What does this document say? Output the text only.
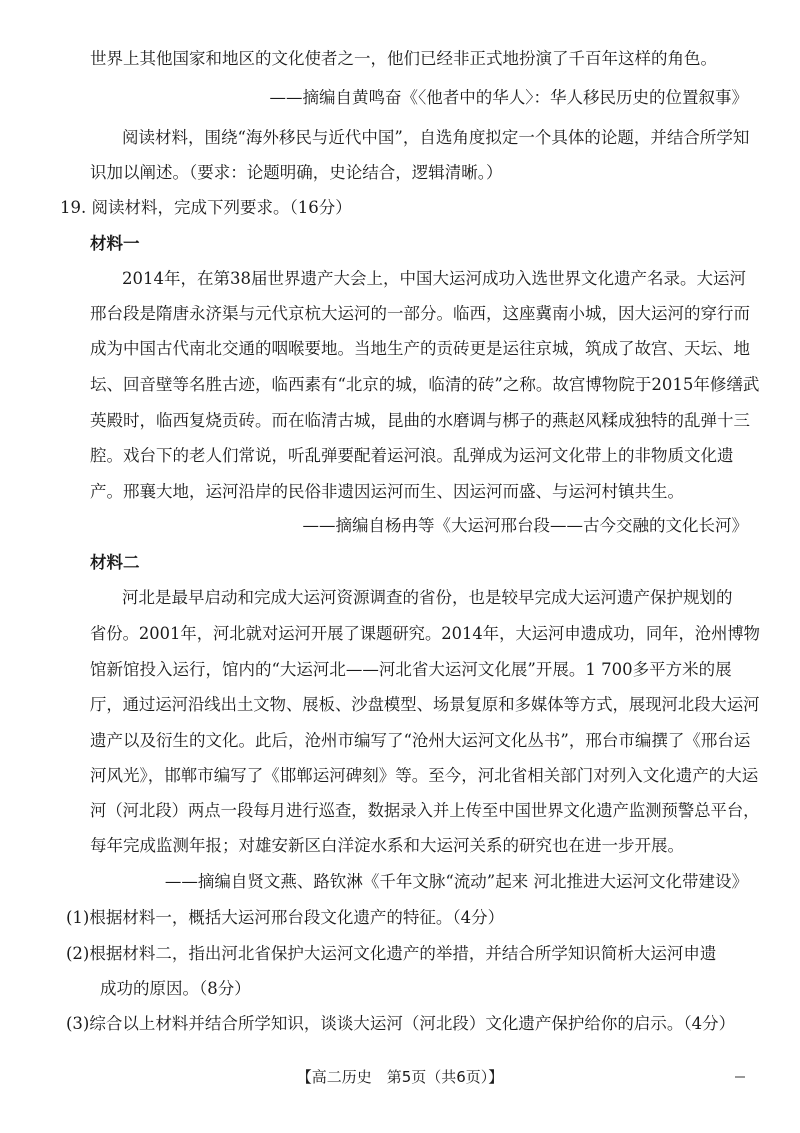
世界上其他国家和地区的文化使者之一，他们已经非正式地扮演了千百年这样的角色。
——摘编自黄鸣奋《〈他者中的华人〉：华人移民历史的位置叙事》
阅读材料，围绕“海外移民与近代中国”，自选角度拟定一个具体的论题，并结合所学知
识加以阐述。（要求：论题明确，史论结合，逻辑清晰。）
19. 阅读材料，完成下列要求。（16分）
材料一
2014年，在第38届世界遗产大会上，中国大运河成功入选世界文化遗产名录。大运河
邢台段是隋唐永济渠与元代京杭大运河的一部分。临西，这座冀南小城，因大运河的穿行而
成为中国古代南北交通的咽喉要地。当地生产的贡砖更是运往京城，筑成了故宫、天坛、地
坛、回音壁等名胜古迹，临西素有“北京的城，临清的砖”之称。故宫博物院于2015年修缮武
英殿时，临西复烧贡砖。而在临清古城，昆曲的水磨调与梆子的燕赵风糅成独特的乱弹十三
腔。戏台下的老人们常说，听乱弹要配着运河浪。乱弹成为运河文化带上的非物质文化遗
产。邢襄大地，运河沿岸的民俗非遗因运河而生、因运河而盛、与运河村镇共生。
——摘编自杨冉等《大运河邢台段——古今交融的文化长河》
材料二
河北是最早启动和完成大运河资源调查的省份，也是较早完成大运河遗产保护规划的
省份。2001年，河北就对运河开展了课题研究。2014年，大运河申遗成功，同年，沧州博物
馆新馆投入运行，馆内的“大运河北——河北省大运河文化展”开展。1 700多平方米的展
厅，通过运河沿线出土文物、展板、沙盘模型、场景复原和多媒体等方式，展现河北段大运河
遗产以及衍生的文化。此后，沧州市编写了“沧州大运河文化丛书”，邢台市编撰了《邢台运
河风光》，邯郸市编写了《邯郸运河碑刻》等。至今，河北省相关部门对列入文化遗产的大运
河（河北段）两点一段每月进行巡查，数据录入并上传至中国世界文化遗产监测预警总平台，
每年完成监测年报；对雄安新区白洋淀水系和大运河关系的研究也在进一步开展。
——摘编自贤文燕、路钦淋《千年文脉“流动”起来 河北推进大运河文化带建设》
(1)根据材料一，概括大运河邢台段文化遗产的特征。（4分）
(2)根据材料二，指出河北省保护大运河文化遗产的举措，并结合所学知识简析大运河申遗
成功的原因。（8分）
(3)综合以上材料并结合所学知识，谈谈大运河（河北段）文化遗产保护给你的启示。（4分）
【高二历史　第5页（共6页）】
